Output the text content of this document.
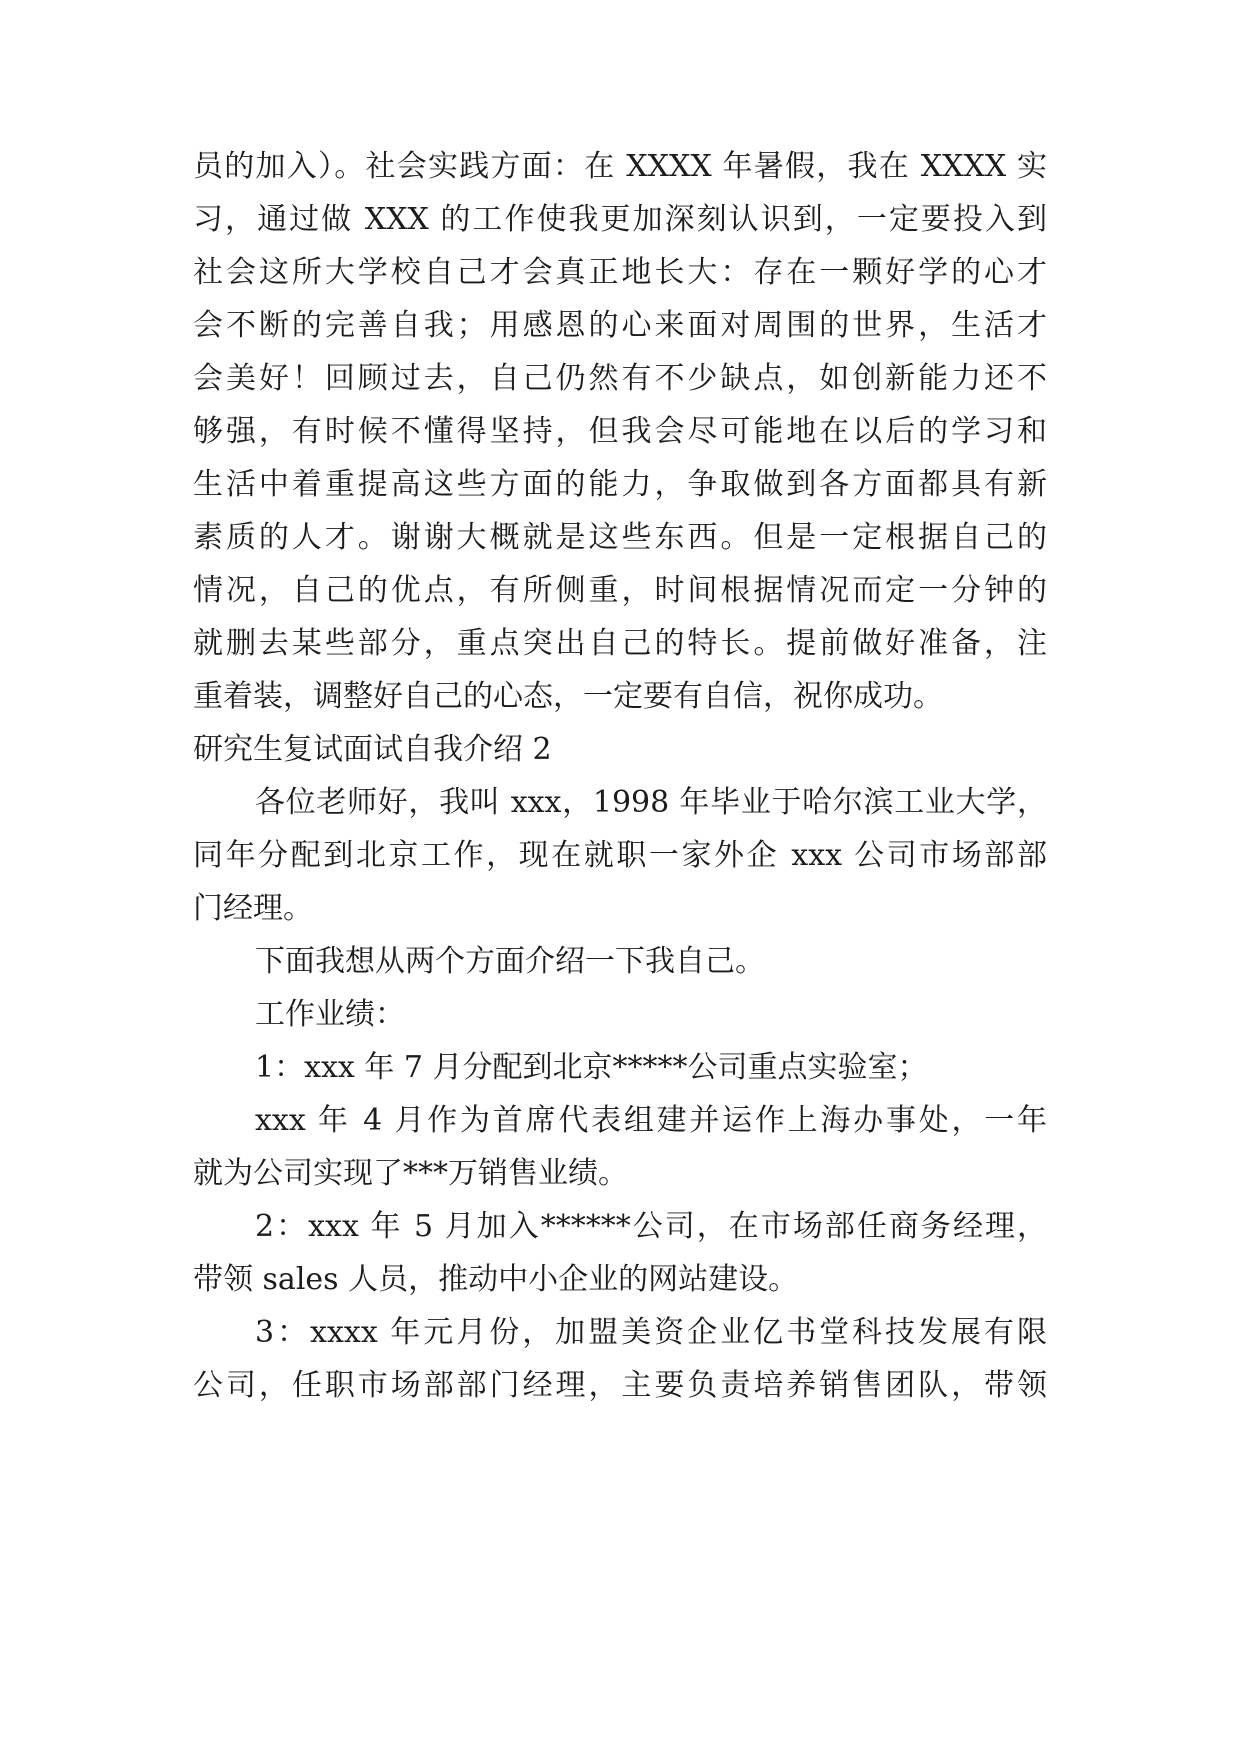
员的加入）。社会实践方面：在 XXXX 年暑假，我在 XXXX 实
习，通过做 XXX 的工作使我更加深刻认识到，一定要投入到
社会这所大学校自己才会真正地长大：存在一颗好学的心才
会不断的完善自我；用感恩的心来面对周围的世界，生活才
会美好！回顾过去，自己仍然有不少缺点，如创新能力还不
够强，有时候不懂得坚持，但我会尽可能地在以后的学习和
生活中着重提高这些方面的能力，争取做到各方面都具有新
素质的人才。谢谢大概就是这些东西。但是一定根据自己的
情况，自己的优点，有所侧重，时间根据情况而定一分钟的
就删去某些部分，重点突出自己的特长。提前做好准备，注
重着装，调整好自己的心态，一定要有自信，祝你成功。
研究生复试面试自我介绍 2
各位老师好，我叫 xxx，1998 年毕业于哈尔滨工业大学，
同年分配到北京工作，现在就职一家外企 xxx 公司市场部部
门经理。
下面我想从两个方面介绍一下我自己。
工作业绩：
1：xxx 年 7 月分配到北京*****公司重点实验室；
xxx 年 4 月作为首席代表组建并运作上海办事处，一年
就为公司实现了***万销售业绩。
2：xxx 年 5 月加入******公司，在市场部任商务经理，
带领 sales 人员，推动中小企业的网站建设。
3：xxxx 年元月份，加盟美资企业亿书堂科技发展有限
公司，任职市场部部门经理，主要负责培养销售团队，带领
